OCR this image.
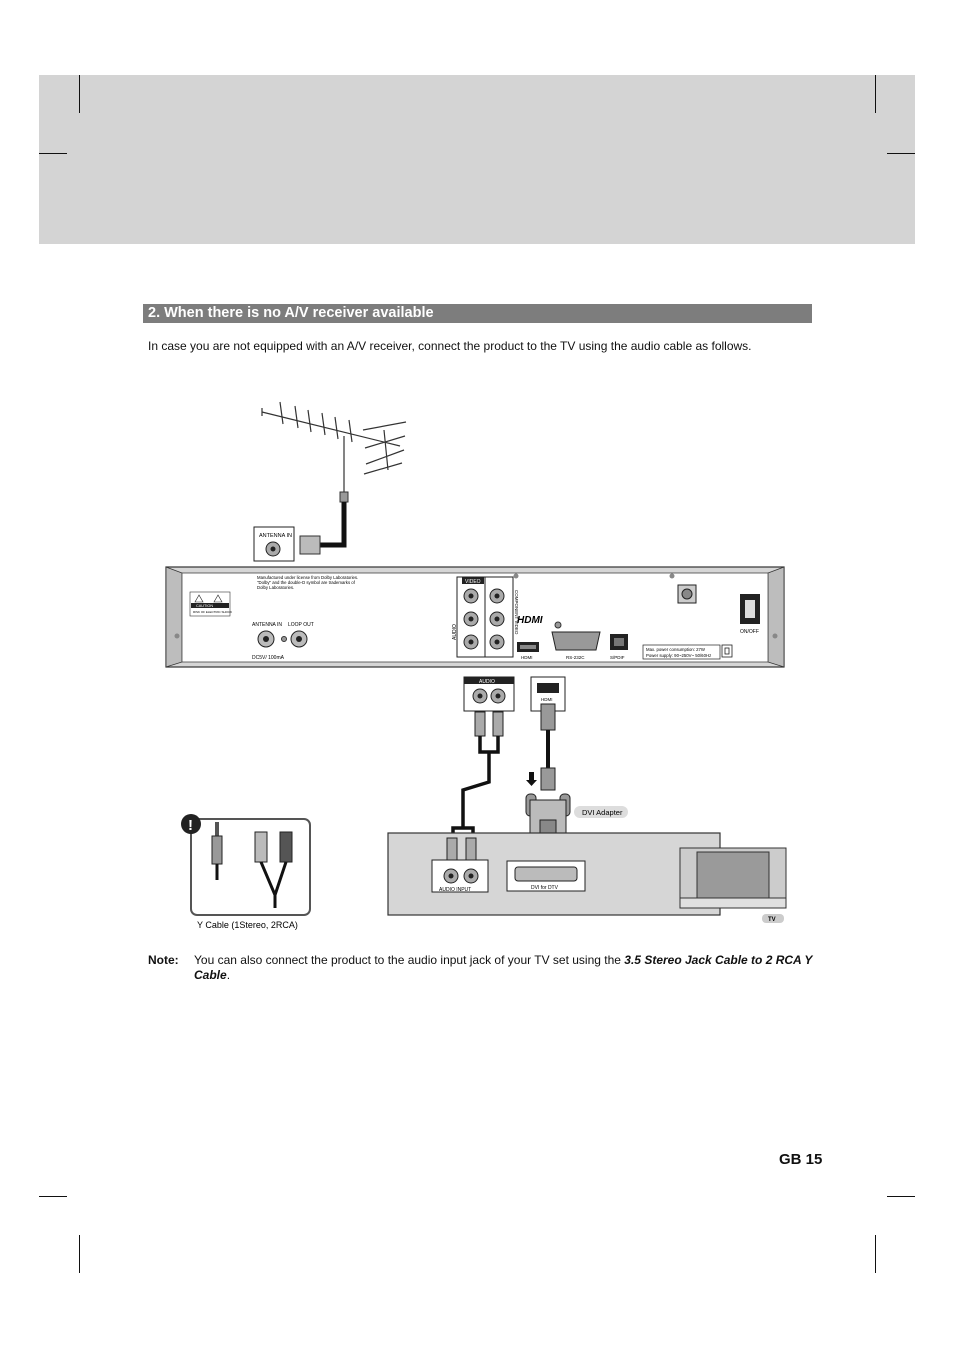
2. When there is no A/V receiver available
In case you are not equipped with an A/V receiver, connect the product to the TV using the audio cable as follows.
ANTENNA IN
Manufactured under license from Dolby Laboratories.
"Dolby" and the double-D symbol are trademarks of
Dolby Laboratories.
CAUTION
RISK OF ELECTRIC SHOCK
ANTENNA IN LOOP OUT
DC5V/ 100mA
VIDEO
AUDIO	COMPONENT VIDEO
HDMI
HDMI	RS-232C	S/PDIF
Max. power consumption: 27W
Power supply: 90~250V~ 50/60Hz
ON/OFF
AUDIO
HDMI
DVI Adapter
AUDIO INPUT	DVI for DTV
TV
!
Y Cable (1Stereo, 2RCA)
Note: You can also connect the product to the audio input jack of your TV set using the 3.5 Stereo Jack Cable to 2 RCA Y Cable.
GB 15
